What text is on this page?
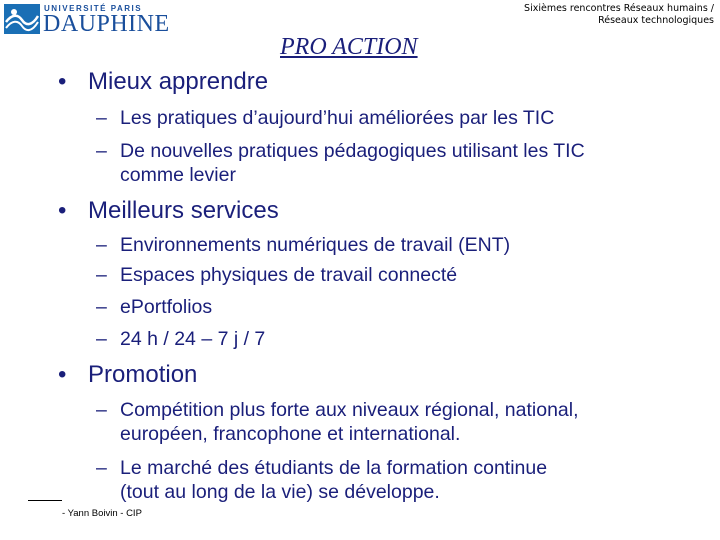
UNIVERSITÉ PARIS
DAUPHINE
Sixièmes rencontres Réseaux humains /
Réseaux technologiques
PRO ACTION
• Mieux apprendre
– Les pratiques d’aujourd’hui améliorées par les TIC
– De nouvelles pratiques pédagogiques utilisant les TIC
comme levier
• Meilleurs services
– Environnements numériques de travail (ENT)
– Espaces physiques de travail connecté
– ePortfolios
– 24 h / 24 – 7 j / 7
• Promotion
– Compétition plus forte aux niveaux régional, national,
européen, francophone et international.
– Le marché des étudiants de la formation continue
(tout au long de la vie) se développe.
- Yann Boivin - CIP
